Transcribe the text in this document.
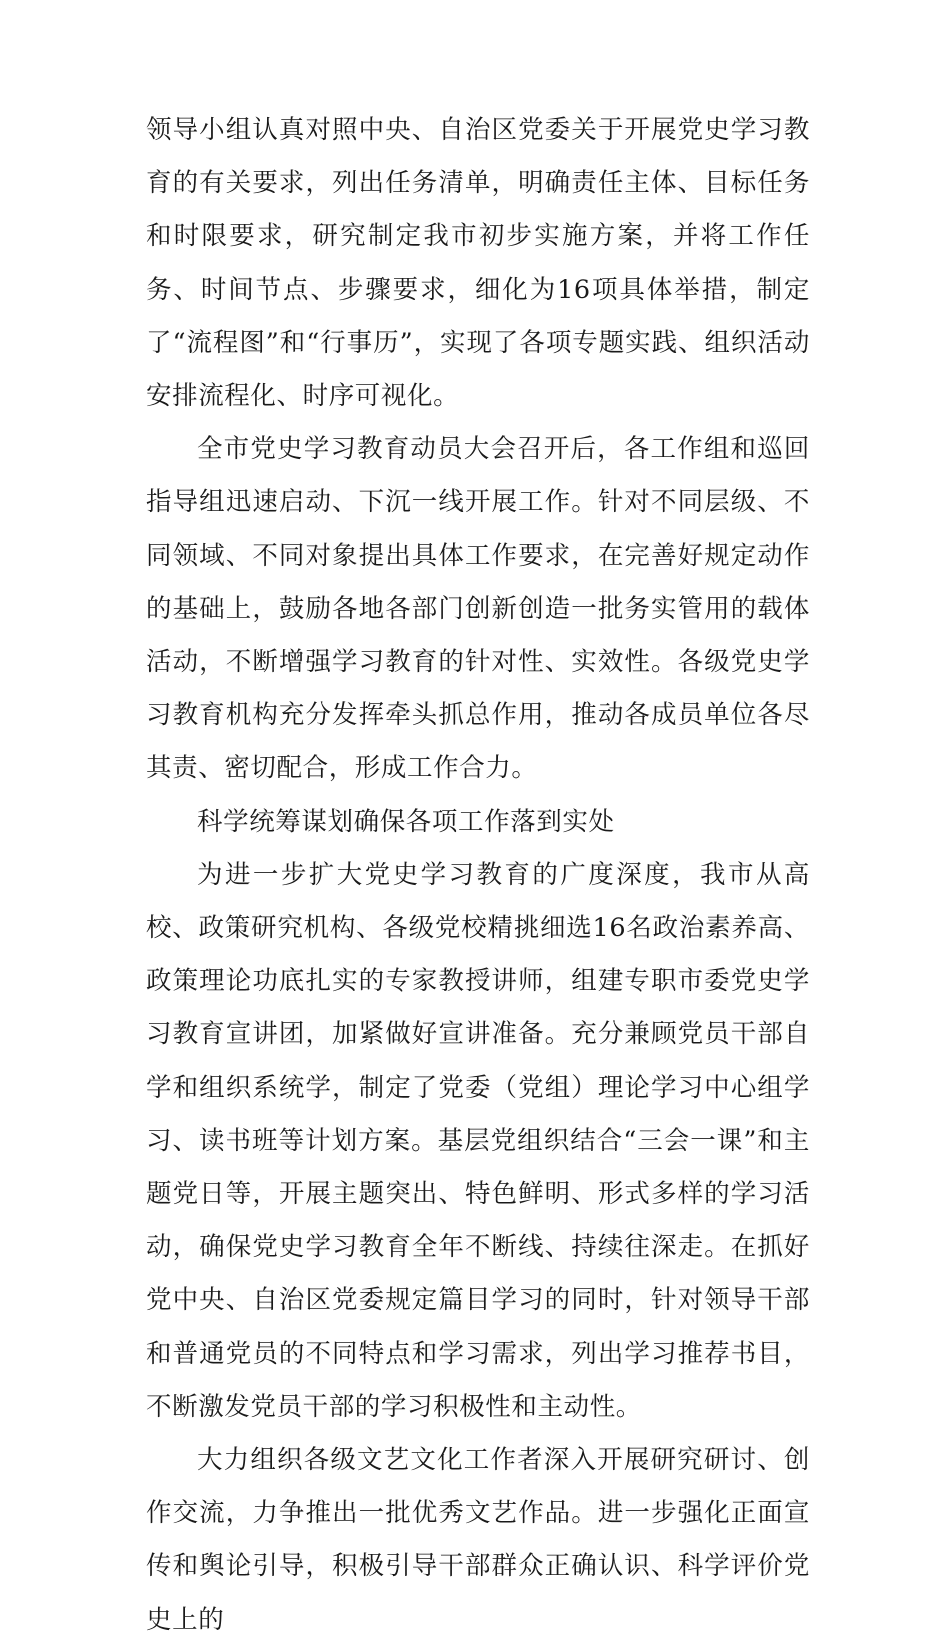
领导小组认真对照中央、自治区党委关于开展党史学习教育的有关要求，列出任务清单，明确责任主体、目标任务和时限要求，研究制定我市初步实施方案，并将工作任务、时间节点、步骤要求，细化为16项具体举措，制定了“流程图”和“行事历”，实现了各项专题实践、组织活动安排流程化、时序可视化。

全市党史学习教育动员大会召开后，各工作组和巡回指导组迅速启动、下沉一线开展工作。针对不同层级、不同领域、不同对象提出具体工作要求，在完善好规定动作的基础上，鼓励各地各部门创新创造一批务实管用的载体活动，不断增强学习教育的针对性、实效性。各级党史学习教育机构充分发挥牵头抓总作用，推动各成员单位各尽其责、密切配合，形成工作合力。

科学统筹谋划确保各项工作落到实处

为进一步扩大党史学习教育的广度深度，我市从高校、政策研究机构、各级党校精挑细选16名政治素养高、政策理论功底扎实的专家教授讲师，组建专职市委党史学习教育宣讲团，加紧做好宣讲准备。充分兼顾党员干部自学和组织系统学，制定了党委（党组）理论学习中心组学习、读书班等计划方案。基层党组织结合“三会一课”和主题党日等，开展主题突出、特色鲜明、形式多样的学习活动，确保党史学习教育全年不断线、持续往深走。在抓好党中央、自治区党委规定篇目学习的同时，针对领导干部和普通党员的不同特点和学习需求，列出学习推荐书目，不断激发党员干部的学习积极性和主动性。

大力组织各级文艺文化工作者深入开展研究研讨、创作交流，力争推出一批优秀文艺作品。进一步强化正面宣传和舆论引导，积极引导干部群众正确认识、科学评价党史上的
